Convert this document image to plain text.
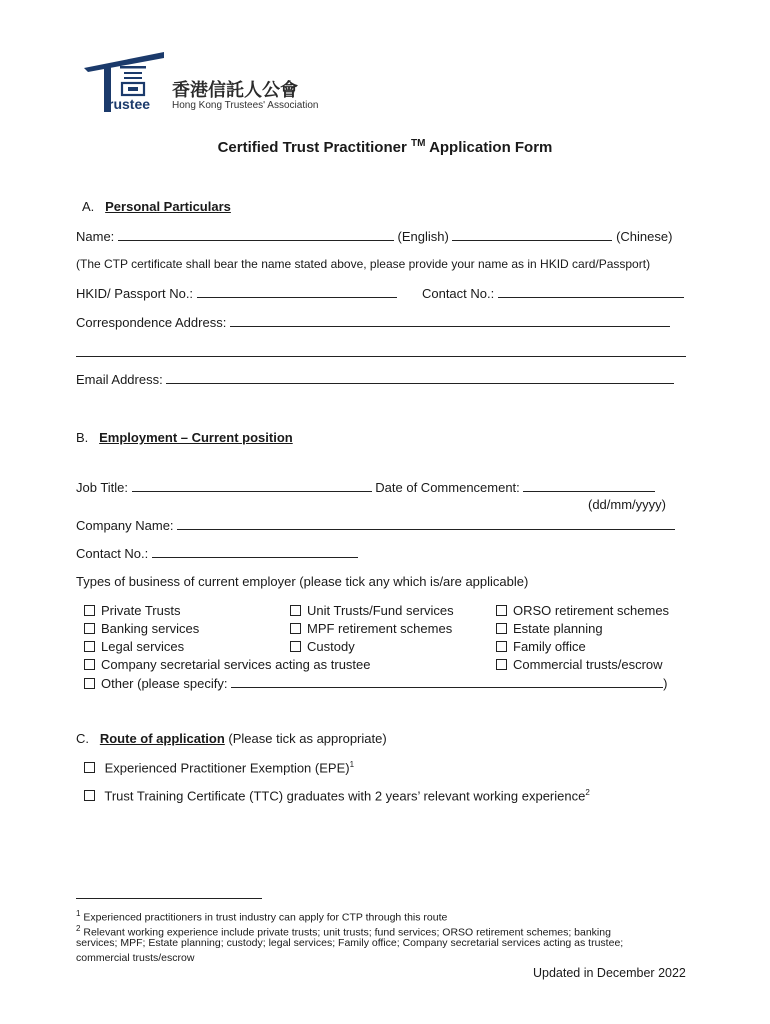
rustee
香港信託人公會
Hong Kong Trustees' Association
Certified Trust Practitioner ™ Application Form
A. Personal Particulars
Name:	(English)	(Chinese)
(The CTP certificate shall bear the name stated above, please provide your name as in HKID card/Passport)
HKID/ Passport No.:	Contact No.:
Correspondence Address:
Email Address:
B. Employment – Current position
Job Title:	Date of Commencement:
(dd/mm/yyyy)
Company Name:
Contact No.:
Types of business of current employer (please tick any which is/are applicable)
Private Trusts	Unit Trusts/Fund services	ORSO retirement schemes
Banking services	MPF retirement schemes	Estate planning
Legal services	Custody	Family office
Company secretarial services acting as trustee	Commercial trusts/escrow
Other (please specify:	)
C. Route of application (Please tick as appropriate)
Experienced Practitioner Exemption (EPE)$^1$
Trust Training Certificate (TTC) graduates with 2 years’ relevant working experience$^2$
$^1$ Experienced practitioners in trust industry can apply for CTP through this route
$^2$ Relevant working experience include private trusts; unit trusts; fund services; ORSO retirement schemes; banking
services; MPF; Estate planning; custody; legal services; Family office; Company secretarial services acting as trustee;
commercial trusts/escrow
Updated in December 2022
